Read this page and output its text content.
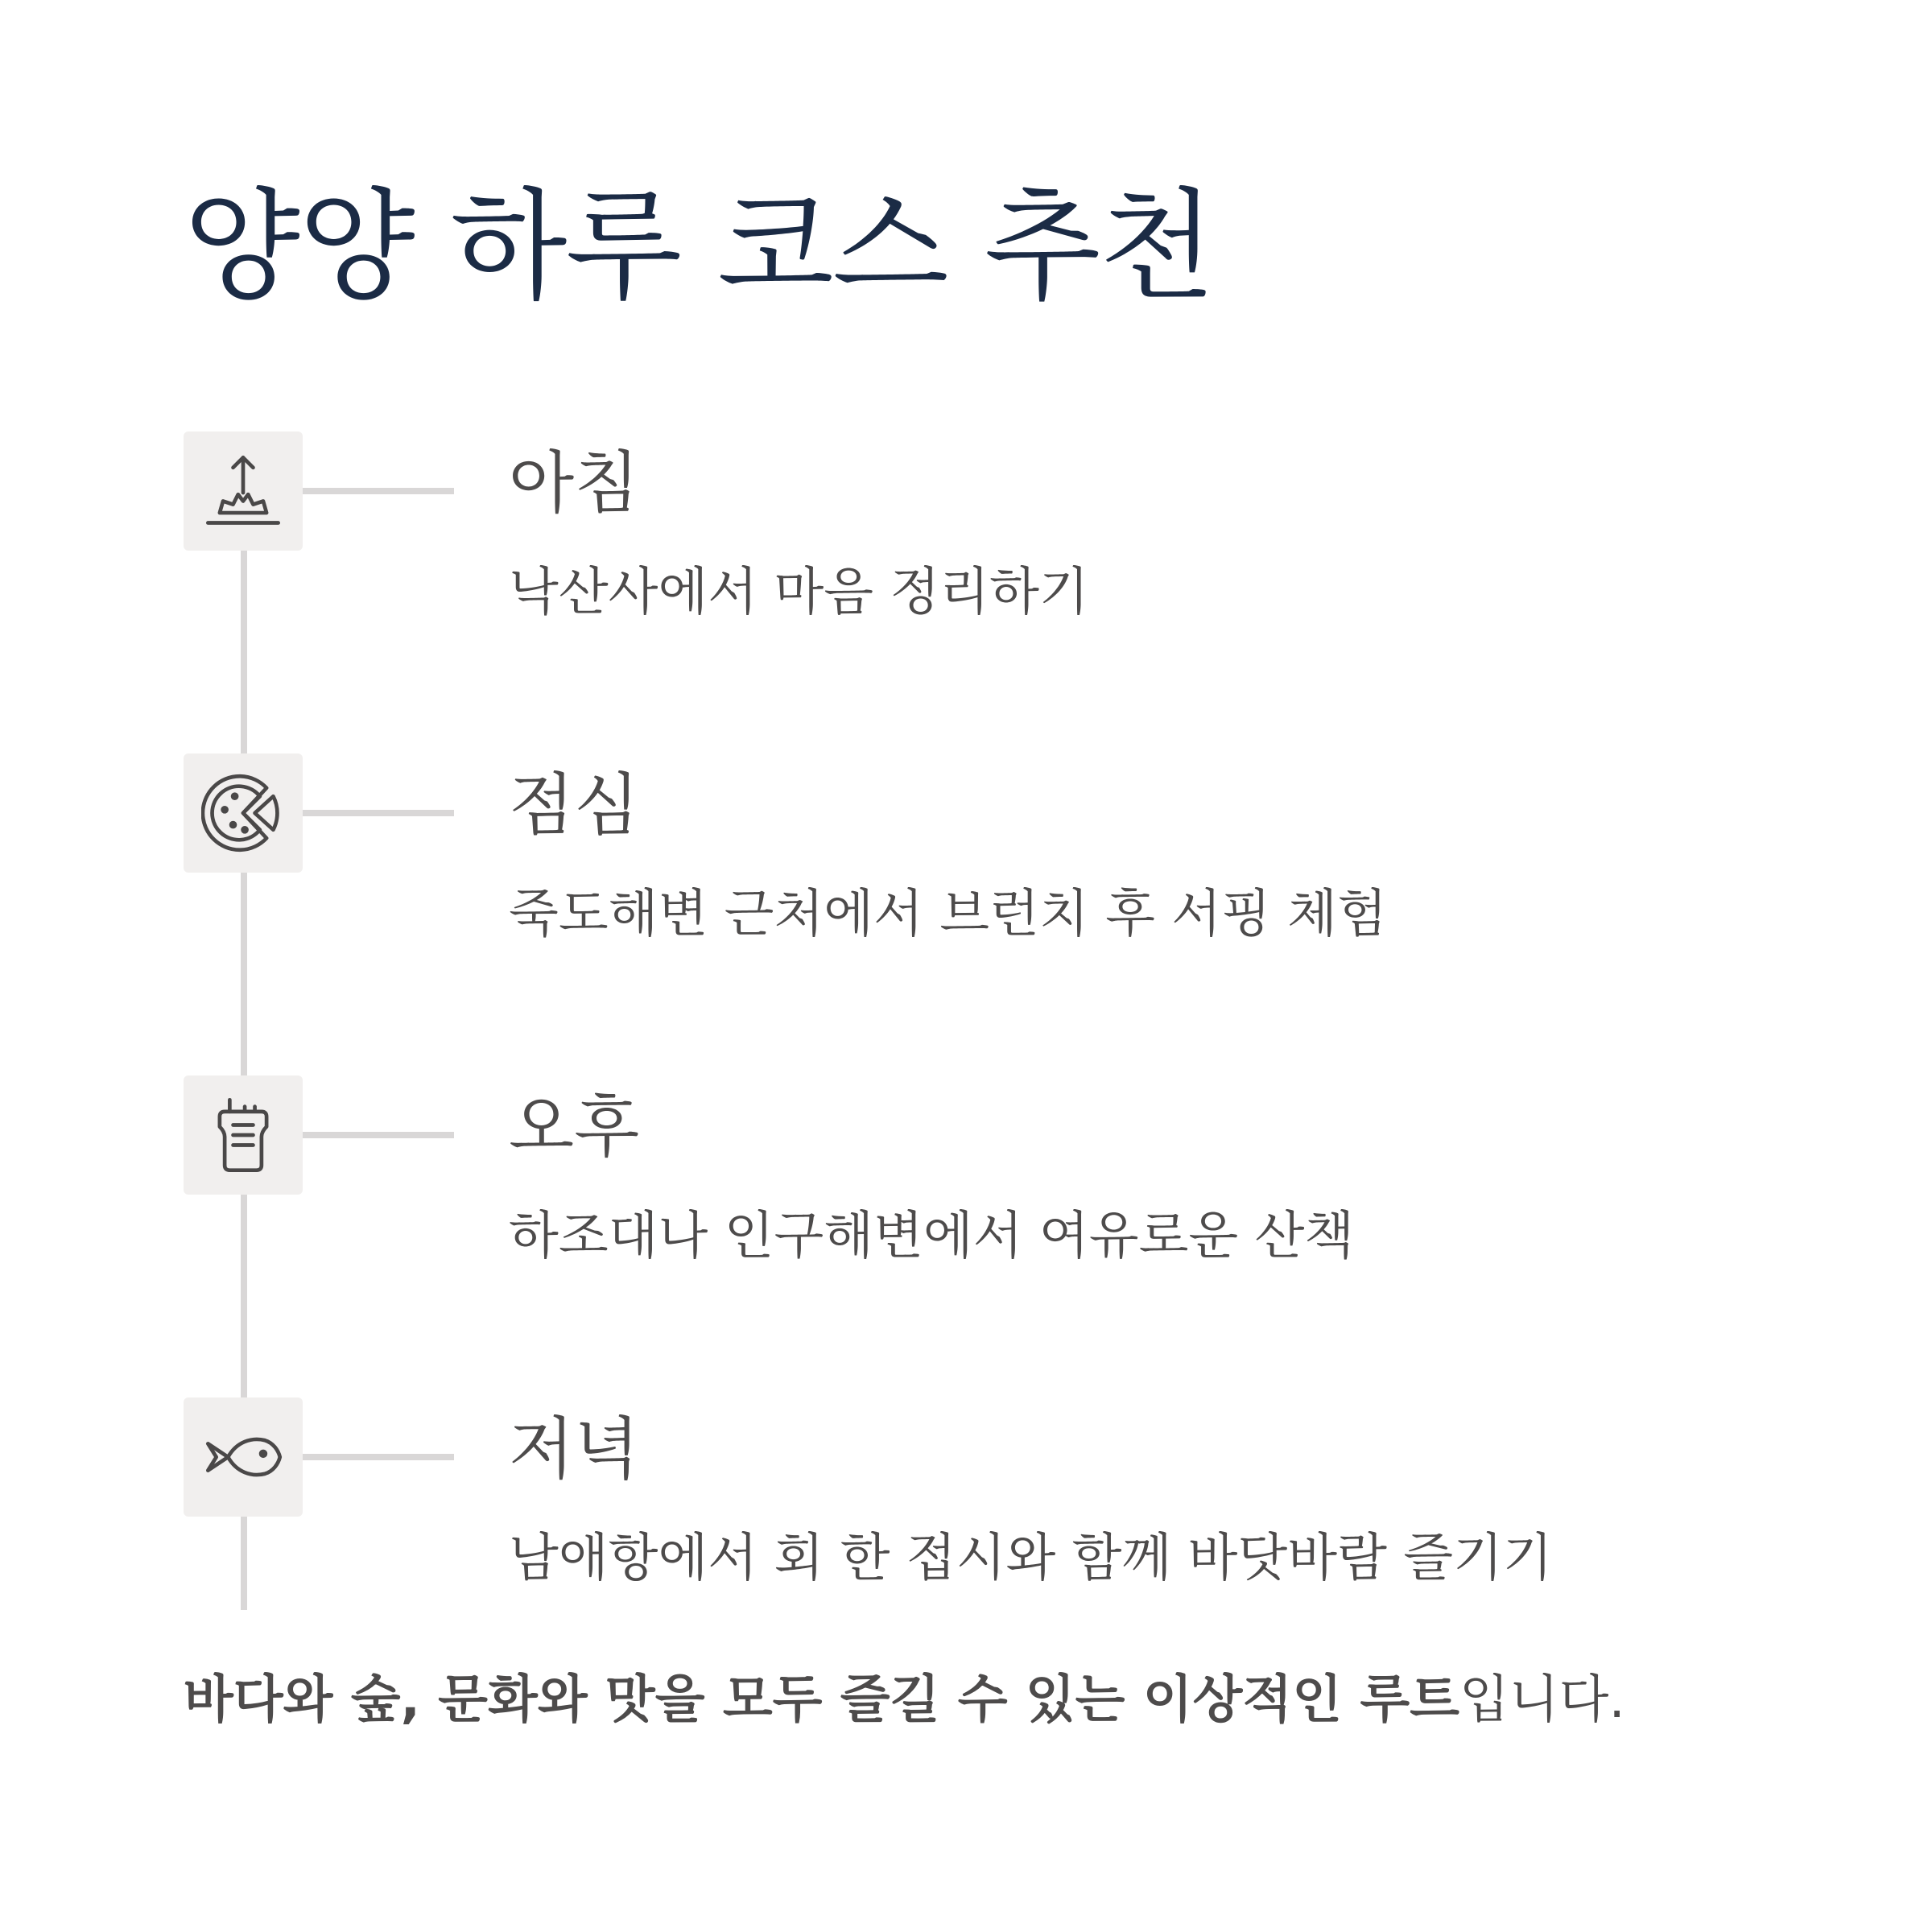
양양 하루 코스 추천
아침
낙산사에서 마음 정리하기
점심
죽도해변 근처에서 브런치 후 서핑 체험
오후
하조대나 인구해변에서 여유로운 산책
저녁
남애항에서 회 한 접시와 함께 바닷바람 즐기기
바다와 숲, 문화와 맛을 모두 즐길 수 있는 이상적인 루트입니다.
